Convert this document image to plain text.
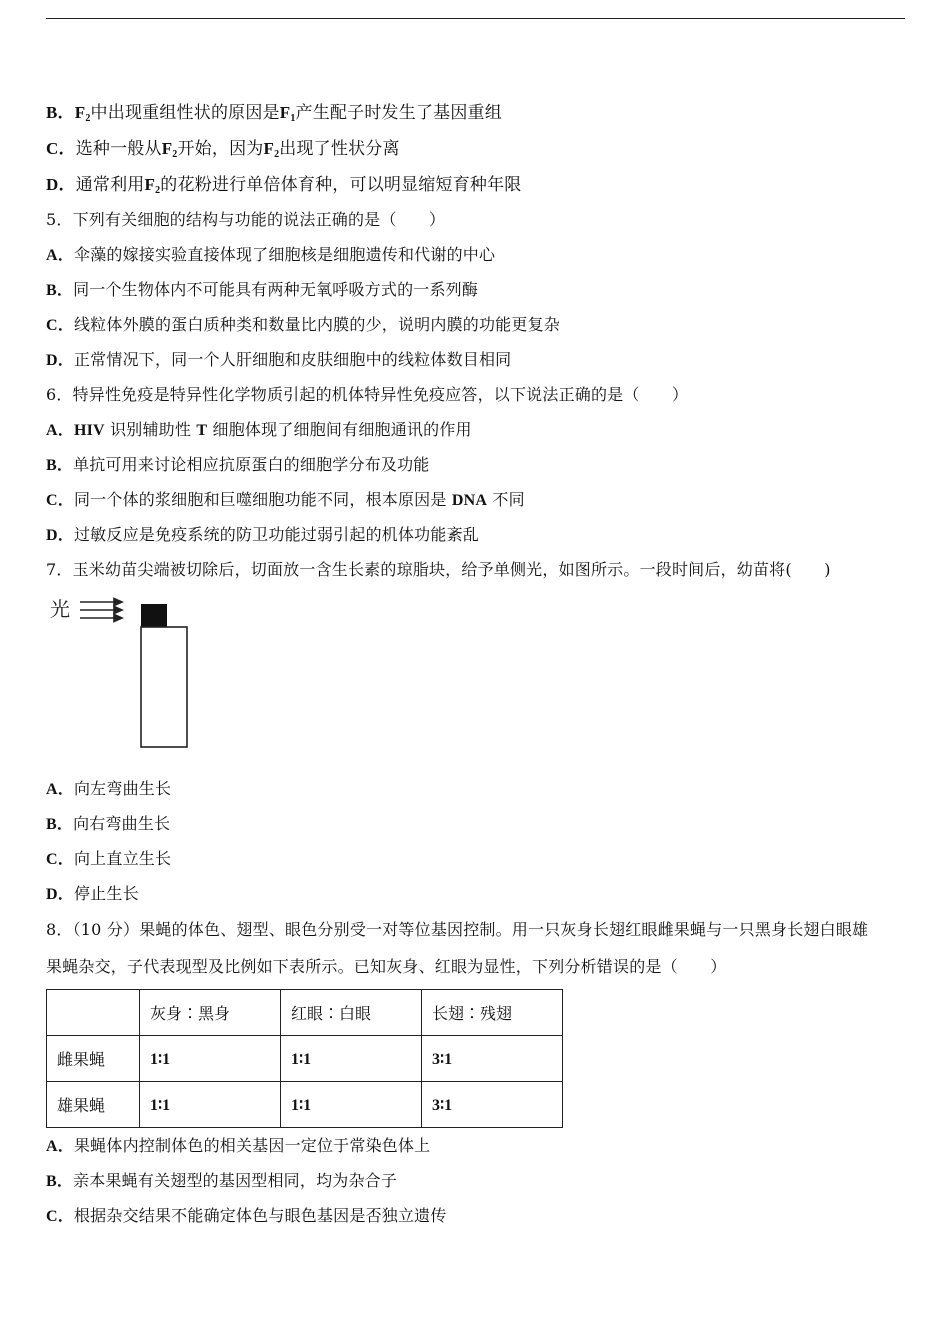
B．$F_2$中出现重组性状的原因是$F_1$产生配子时发生了基因重组
C．选种一般从$F_2$开始，因为$F_2$出现了性状分离
D．通常利用$F_2$的花粉进行单倍体育种，可以明显缩短育种年限
5．下列有关细胞的结构与功能的说法正确的是（　　）
A．伞藻的嫁接实验直接体现了细胞核是细胞遗传和代谢的中心
B．同一个生物体内不可能具有两种无氧呼吸方式的一系列酶
C．线粒体外膜的蛋白质种类和数量比内膜的少，说明内膜的功能更复杂
D．正常情况下，同一个人肝细胞和皮肤细胞中的线粒体数目相同
6．特异性免疫是特异性化学物质引起的机体特异性免疫应答，以下说法正确的是（　　）
A．HIV 识别辅助性 T 细胞体现了细胞间有细胞通讯的作用
B．单抗可用来讨论相应抗原蛋白的细胞学分布及功能
C．同一个体的浆细胞和巨噬细胞功能不同，根本原因是 DNA 不同
D．过敏反应是免疫系统的防卫功能过弱引起的机体功能紊乱
7．玉米幼苗尖端被切除后，切面放一含生长素的琼脂块，给予单侧光，如图所示。一段时间后，幼苗将(　　)
光
A．向左弯曲生长
B．向右弯曲生长
C．向上直立生长
D．停止生长
8．（10 分）果蝇的体色、翅型、眼色分别受一对等位基因控制。用一只灰身长翅红眼雌果蝇与一只黑身长翅白眼雄
果蝇杂交，子代表现型及比例如下表所示。已知灰身、红眼为显性，下列分析错误的是（　　）
	灰身∶黑身	红眼∶白眼	长翅∶残翅
雌果蝇	1∶1	1∶1	3∶1
雄果蝇	1∶1	1∶1	3∶1
A．果蝇体内控制体色的相关基因一定位于常染色体上
B．亲本果蝇有关翅型的基因型相同，均为杂合子
C．根据杂交结果不能确定体色与眼色基因是否独立遗传
